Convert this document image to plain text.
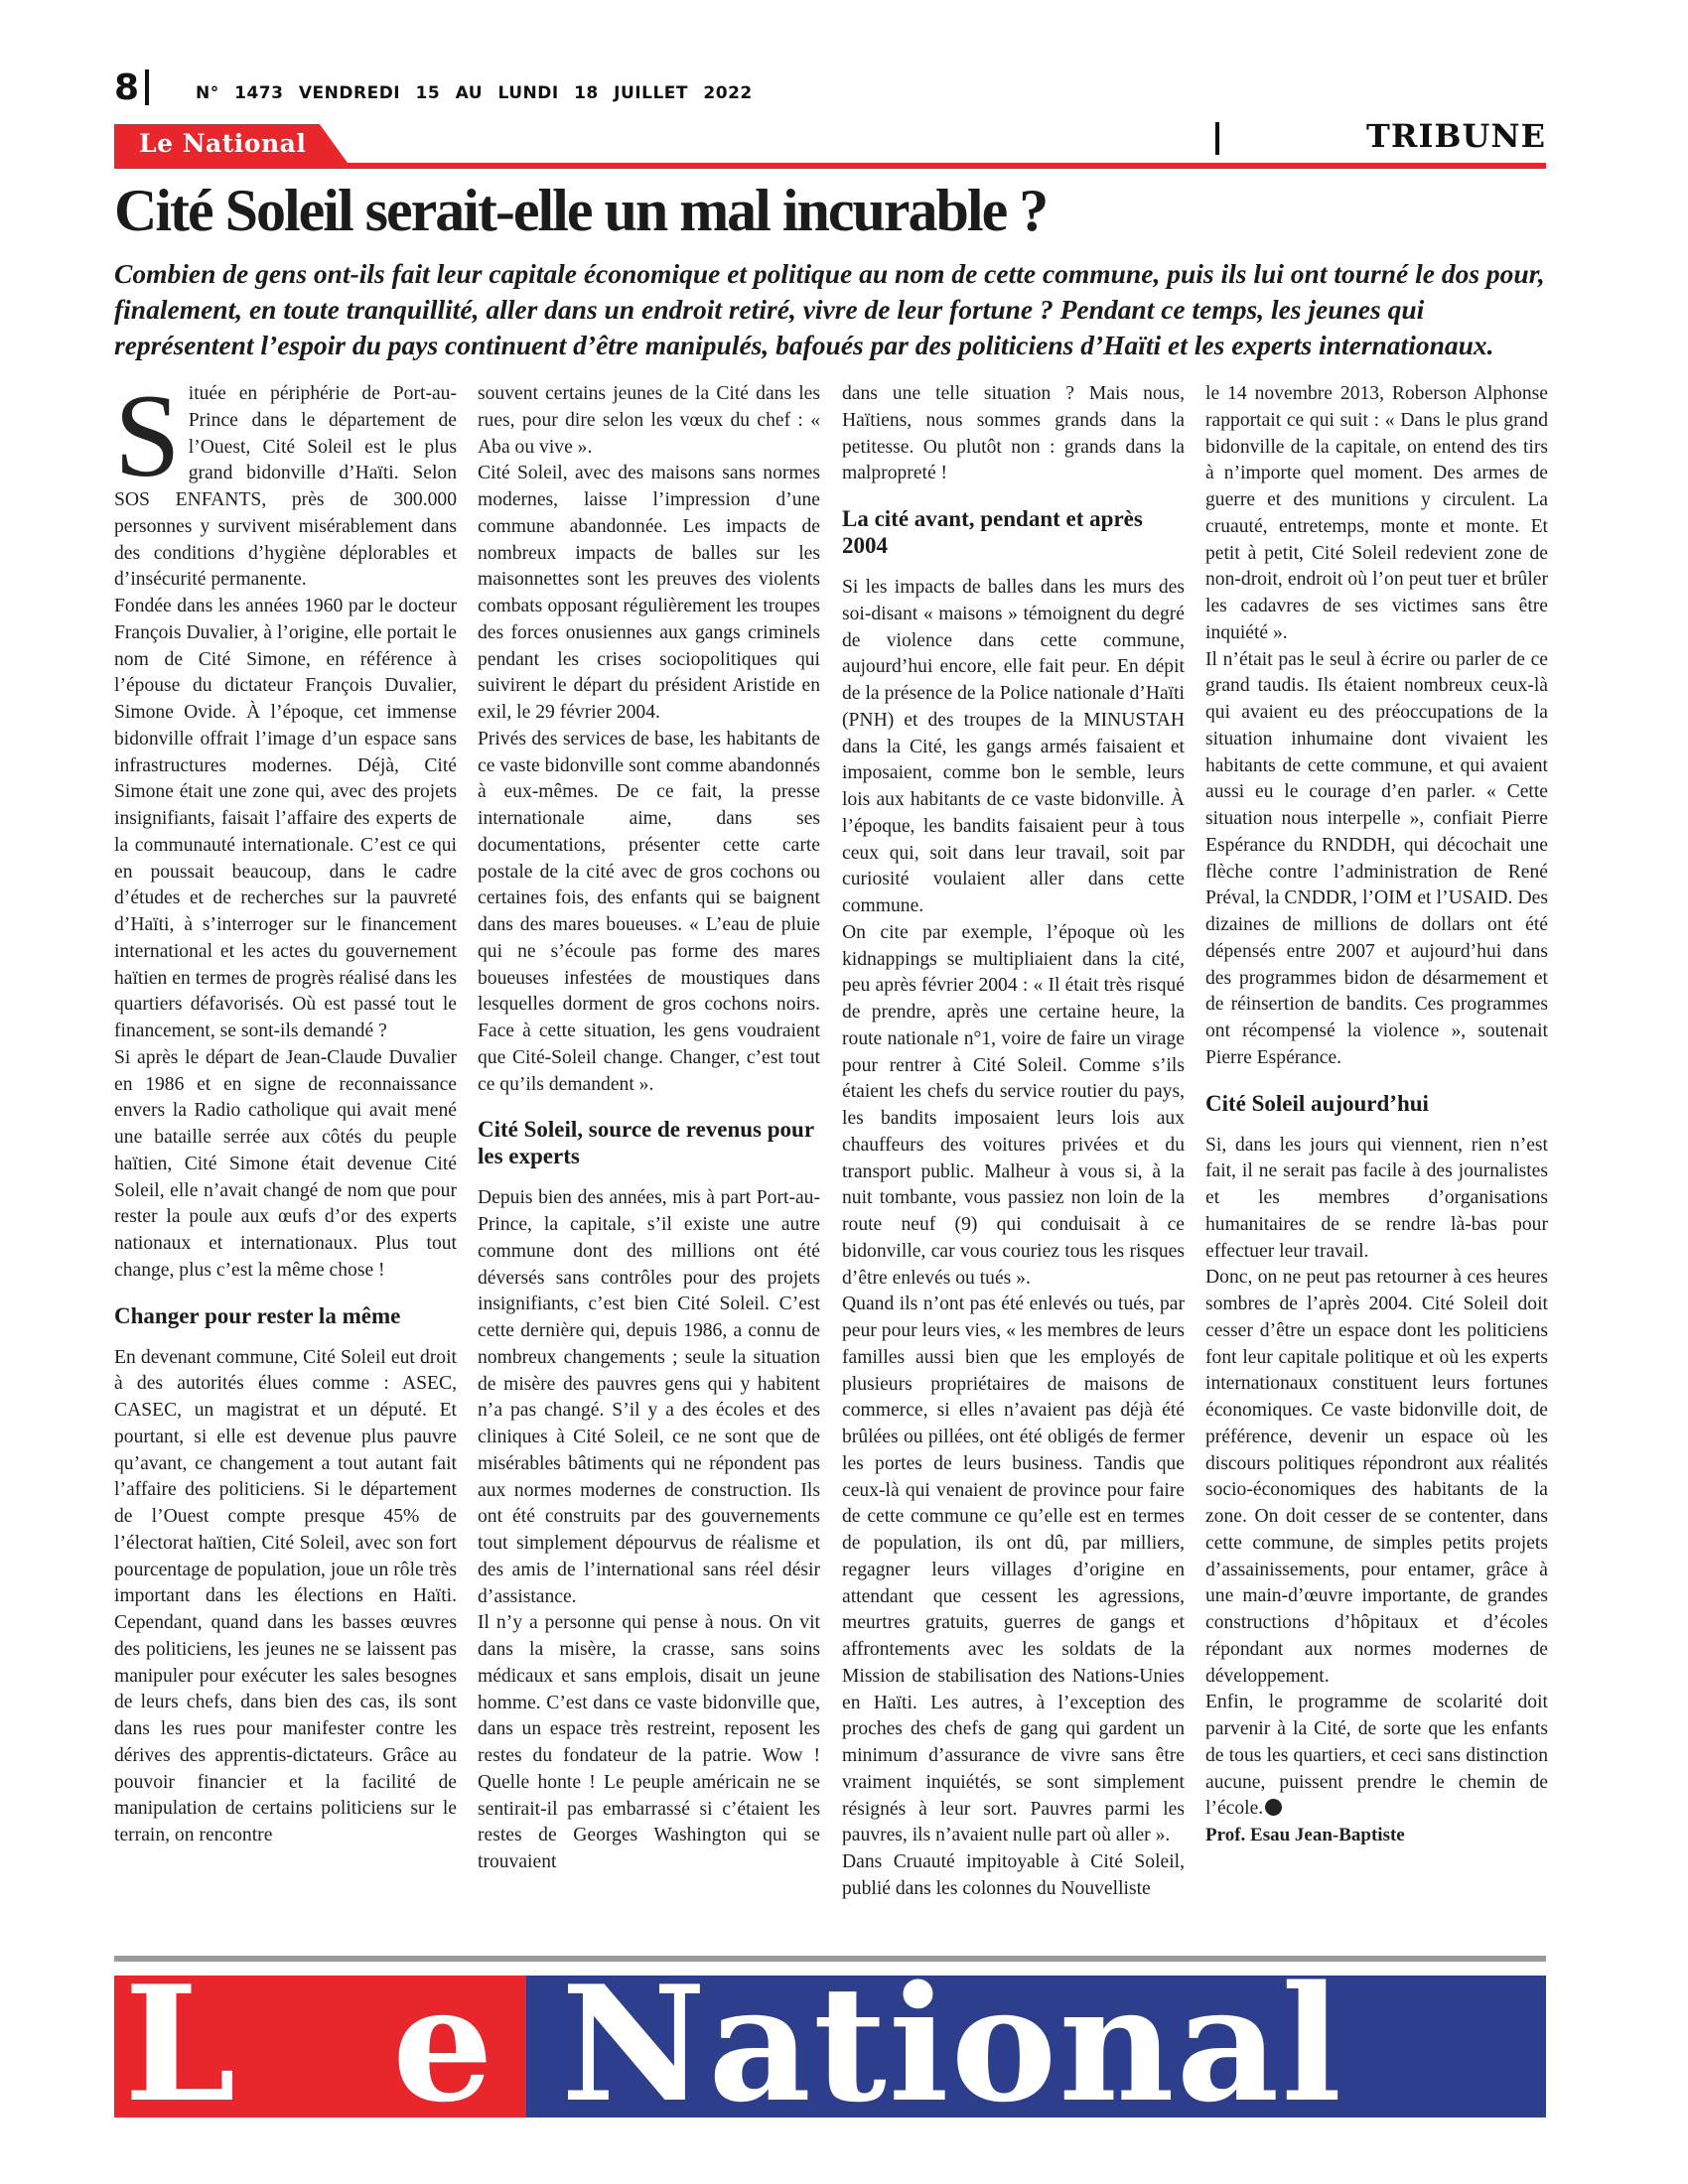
8	N° 1473 VENDREDI 15 AU LUNDI 18 JUILLET 2022
Le National	TRIBUNE
Cité Soleil serait-elle un mal incurable ?

Combien de gens ont-ils fait leur capitale économique et politique au nom de cette commune, puis ils lui ont tourné le dos pour, finalement, en toute tranquillité, aller dans un endroit retiré, vivre de leur fortune ? Pendant ce temps, les jeunes qui représentent l’espoir du pays continuent d’être manipulés, bafoués par des politiciens d’Haïti et les experts internationaux.

Située en périphérie de Port-au-Prince dans le département de l’Ouest, Cité Soleil est le plus grand bidonville d’Haïti. Selon SOS ENFANTS, près de 300.000 personnes y survivent misérablement dans des conditions d’hygiène déplorables et d’insécurité permanente.

Fondée dans les années 1960 par le docteur François Duvalier, à l’origine, elle portait le nom de Cité Simone, en référence à l’épouse du dictateur François Duvalier, Simone Ovide. À l’époque, cet immense bidonville offrait l’image d’un espace sans infrastructures modernes. Déjà, Cité Simone était une zone qui, avec des projets insignifiants, faisait l’affaire des experts de la communauté internationale. C’est ce qui en poussait beaucoup, dans le cadre d’études et de recherches sur la pauvreté d’Haïti, à s’interroger sur le financement international et les actes du gouvernement haïtien en termes de progrès réalisé dans les quartiers défavorisés. Où est passé tout le financement, se sont-ils demandé ?

Si après le départ de Jean-Claude Duvalier en 1986 et en signe de reconnaissance envers la Radio catholique qui avait mené une bataille serrée aux côtés du peuple haïtien, Cité Simone était devenue Cité Soleil, elle n’avait changé de nom que pour rester la poule aux œufs d’or des experts nationaux et internationaux. Plus tout change, plus c’est la même chose !

Changer pour rester la même

En devenant commune, Cité Soleil eut droit à des autorités élues comme : ASEC, CASEC, un magistrat et un député. Et pourtant, si elle est devenue plus pauvre qu’avant, ce changement a tout autant fait l’affaire des politiciens. Si le département de l’Ouest compte presque 45% de l’électorat haïtien, Cité Soleil, avec son fort pourcentage de population, joue un rôle très important dans les élections en Haïti. Cependant, quand dans les basses œuvres des politiciens, les jeunes ne se laissent pas manipuler pour exécuter les sales besognes de leurs chefs, dans bien des cas, ils sont dans les rues pour manifester contre les dérives des apprentis-dictateurs. Grâce au pouvoir financier et la facilité de manipulation de certains politiciens sur le terrain, on rencontre

souvent certains jeunes de la Cité dans les rues, pour dire selon les vœux du chef : « Aba ou vive ».

Cité Soleil, avec des maisons sans normes modernes, laisse l’impression d’une commune abandonnée. Les impacts de nombreux impacts de balles sur les maisonnettes sont les preuves des violents combats opposant régulièrement les troupes des forces onusiennes aux gangs criminels pendant les crises sociopolitiques qui suivirent le départ du président Aristide en exil, le 29 février 2004.

Privés des services de base, les habitants de ce vaste bidonville sont comme abandonnés à eux-mêmes. De ce fait, la presse internationale aime, dans ses documentations, présenter cette carte postale de la cité avec de gros cochons ou certaines fois, des enfants qui se baignent dans des mares boueuses. « L’eau de pluie qui ne s’écoule pas forme des mares boueuses infestées de moustiques dans lesquelles dorment de gros cochons noirs. Face à cette situation, les gens voudraient que Cité-Soleil change. Changer, c’est tout ce qu’ils demandent ».

Cité Soleil, source de revenus pour les experts

Depuis bien des années, mis à part Port-au-Prince, la capitale, s’il existe une autre commune dont des millions ont été déversés sans contrôles pour des projets insignifiants, c’est bien Cité Soleil. C’est cette dernière qui, depuis 1986, a connu de nombreux changements ; seule la situation de misère des pauvres gens qui y habitent n’a pas changé. S’il y a des écoles et des cliniques à Cité Soleil, ce ne sont que de misérables bâtiments qui ne répondent pas aux normes modernes de construction. Ils ont été construits par des gouvernements tout simplement dépourvus de réalisme et des amis de l’international sans réel désir d’assistance.

Il n’y a personne qui pense à nous. On vit dans la misère, la crasse, sans soins médicaux et sans emplois, disait un jeune homme. C’est dans ce vaste bidonville que, dans un espace très restreint, reposent les restes du fondateur de la patrie. Wow ! Quelle honte ! Le peuple américain ne se sentirait-il pas embarrassé si c’étaient les restes de Georges Washington qui se trouvaient

dans une telle situation ? Mais nous, Haïtiens, nous sommes grands dans la petitesse. Ou plutôt non : grands dans la malpropreté !

La cité avant, pendant et après 2004

Si les impacts de balles dans les murs des soi-disant « maisons » témoignent du degré de violence dans cette commune, aujourd’hui encore, elle fait peur. En dépit de la présence de la Police nationale d’Haïti (PNH) et des troupes de la MINUSTAH dans la Cité, les gangs armés faisaient et imposaient, comme bon le semble, leurs lois aux habitants de ce vaste bidonville. À l’époque, les bandits faisaient peur à tous ceux qui, soit dans leur travail, soit par curiosité voulaient aller dans cette commune.

On cite par exemple, l’époque où les kidnappings se multipliaient dans la cité, peu après février 2004 : « Il était très risqué de prendre, après une certaine heure, la route nationale n°1, voire de faire un virage pour rentrer à Cité Soleil. Comme s’ils étaient les chefs du service routier du pays, les bandits imposaient leurs lois aux chauffeurs des voitures privées et du transport public. Malheur à vous si, à la nuit tombante, vous passiez non loin de la route neuf (9) qui conduisait à ce bidonville, car vous couriez tous les risques d’être enlevés ou tués ».

Quand ils n’ont pas été enlevés ou tués, par peur pour leurs vies, « les membres de leurs familles aussi bien que les employés de plusieurs propriétaires de maisons de commerce, si elles n’avaient pas déjà été brûlées ou pillées, ont été obligés de fermer les portes de leurs business. Tandis que ceux-là qui venaient de province pour faire de cette commune ce qu’elle est en termes de population, ils ont dû, par milliers, regagner leurs villages d’origine en attendant que cessent les agressions, meurtres gratuits, guerres de gangs et affrontements avec les soldats de la Mission de stabilisation des Nations-Unies en Haïti. Les autres, à l’exception des proches des chefs de gang qui gardent un minimum d’assurance de vivre sans être vraiment inquiétés, se sont simplement résignés à leur sort. Pauvres parmi les pauvres, ils n’avaient nulle part où aller ».

Dans Cruauté impitoyable à Cité Soleil, publié dans les colonnes du Nouvelliste

le 14 novembre 2013, Roberson Alphonse rapportait ce qui suit : « Dans le plus grand bidonville de la capitale, on entend des tirs à n’importe quel moment. Des armes de guerre et des munitions y circulent. La cruauté, entretemps, monte et monte. Et petit à petit, Cité Soleil redevient zone de non-droit, endroit où l’on peut tuer et brûler les cadavres de ses victimes sans être inquiété ».

Il n’était pas le seul à écrire ou parler de ce grand taudis. Ils étaient nombreux ceux-là qui avaient eu des préoccupations de la situation inhumaine dont vivaient les habitants de cette commune, et qui avaient aussi eu le courage d’en parler. « Cette situation nous interpelle », confiait Pierre Espérance du RNDDH, qui décochait une flèche contre l’administration de René Préval, la CNDDR, l’OIM et l’USAID. Des dizaines de millions de dollars ont été dépensés entre 2007 et aujourd’hui dans des programmes bidon de désarmement et de réinsertion de bandits. Ces programmes ont récompensé la violence », soutenait Pierre Espérance.

Cité Soleil aujourd’hui

Si, dans les jours qui viennent, rien n’est fait, il ne serait pas facile à des journalistes et les membres d’organisations humanitaires de se rendre là-bas pour effectuer leur travail.

Donc, on ne peut pas retourner à ces heures sombres de l’après 2004. Cité Soleil doit cesser d’être un espace dont les politiciens font leur capitale politique et où les experts internationaux constituent leurs fortunes économiques. Ce vaste bidonville doit, de préférence, devenir un espace où les discours politiques répondront aux réalités socio-économiques des habitants de la zone. On doit cesser de se contenter, dans cette commune, de simples petits projets d’assainissements, pour entamer, grâce à une main-d’œuvre importante, de grandes constructions d’hôpitaux et d’écoles répondant aux normes modernes de développement.

Enfin, le programme de scolarité doit parvenir à la Cité, de sorte que les enfants de tous les quartiers, et ceci sans distinction aucune, puissent prendre le chemin de l’école.

Prof. Esau Jean-Baptiste

L e National
